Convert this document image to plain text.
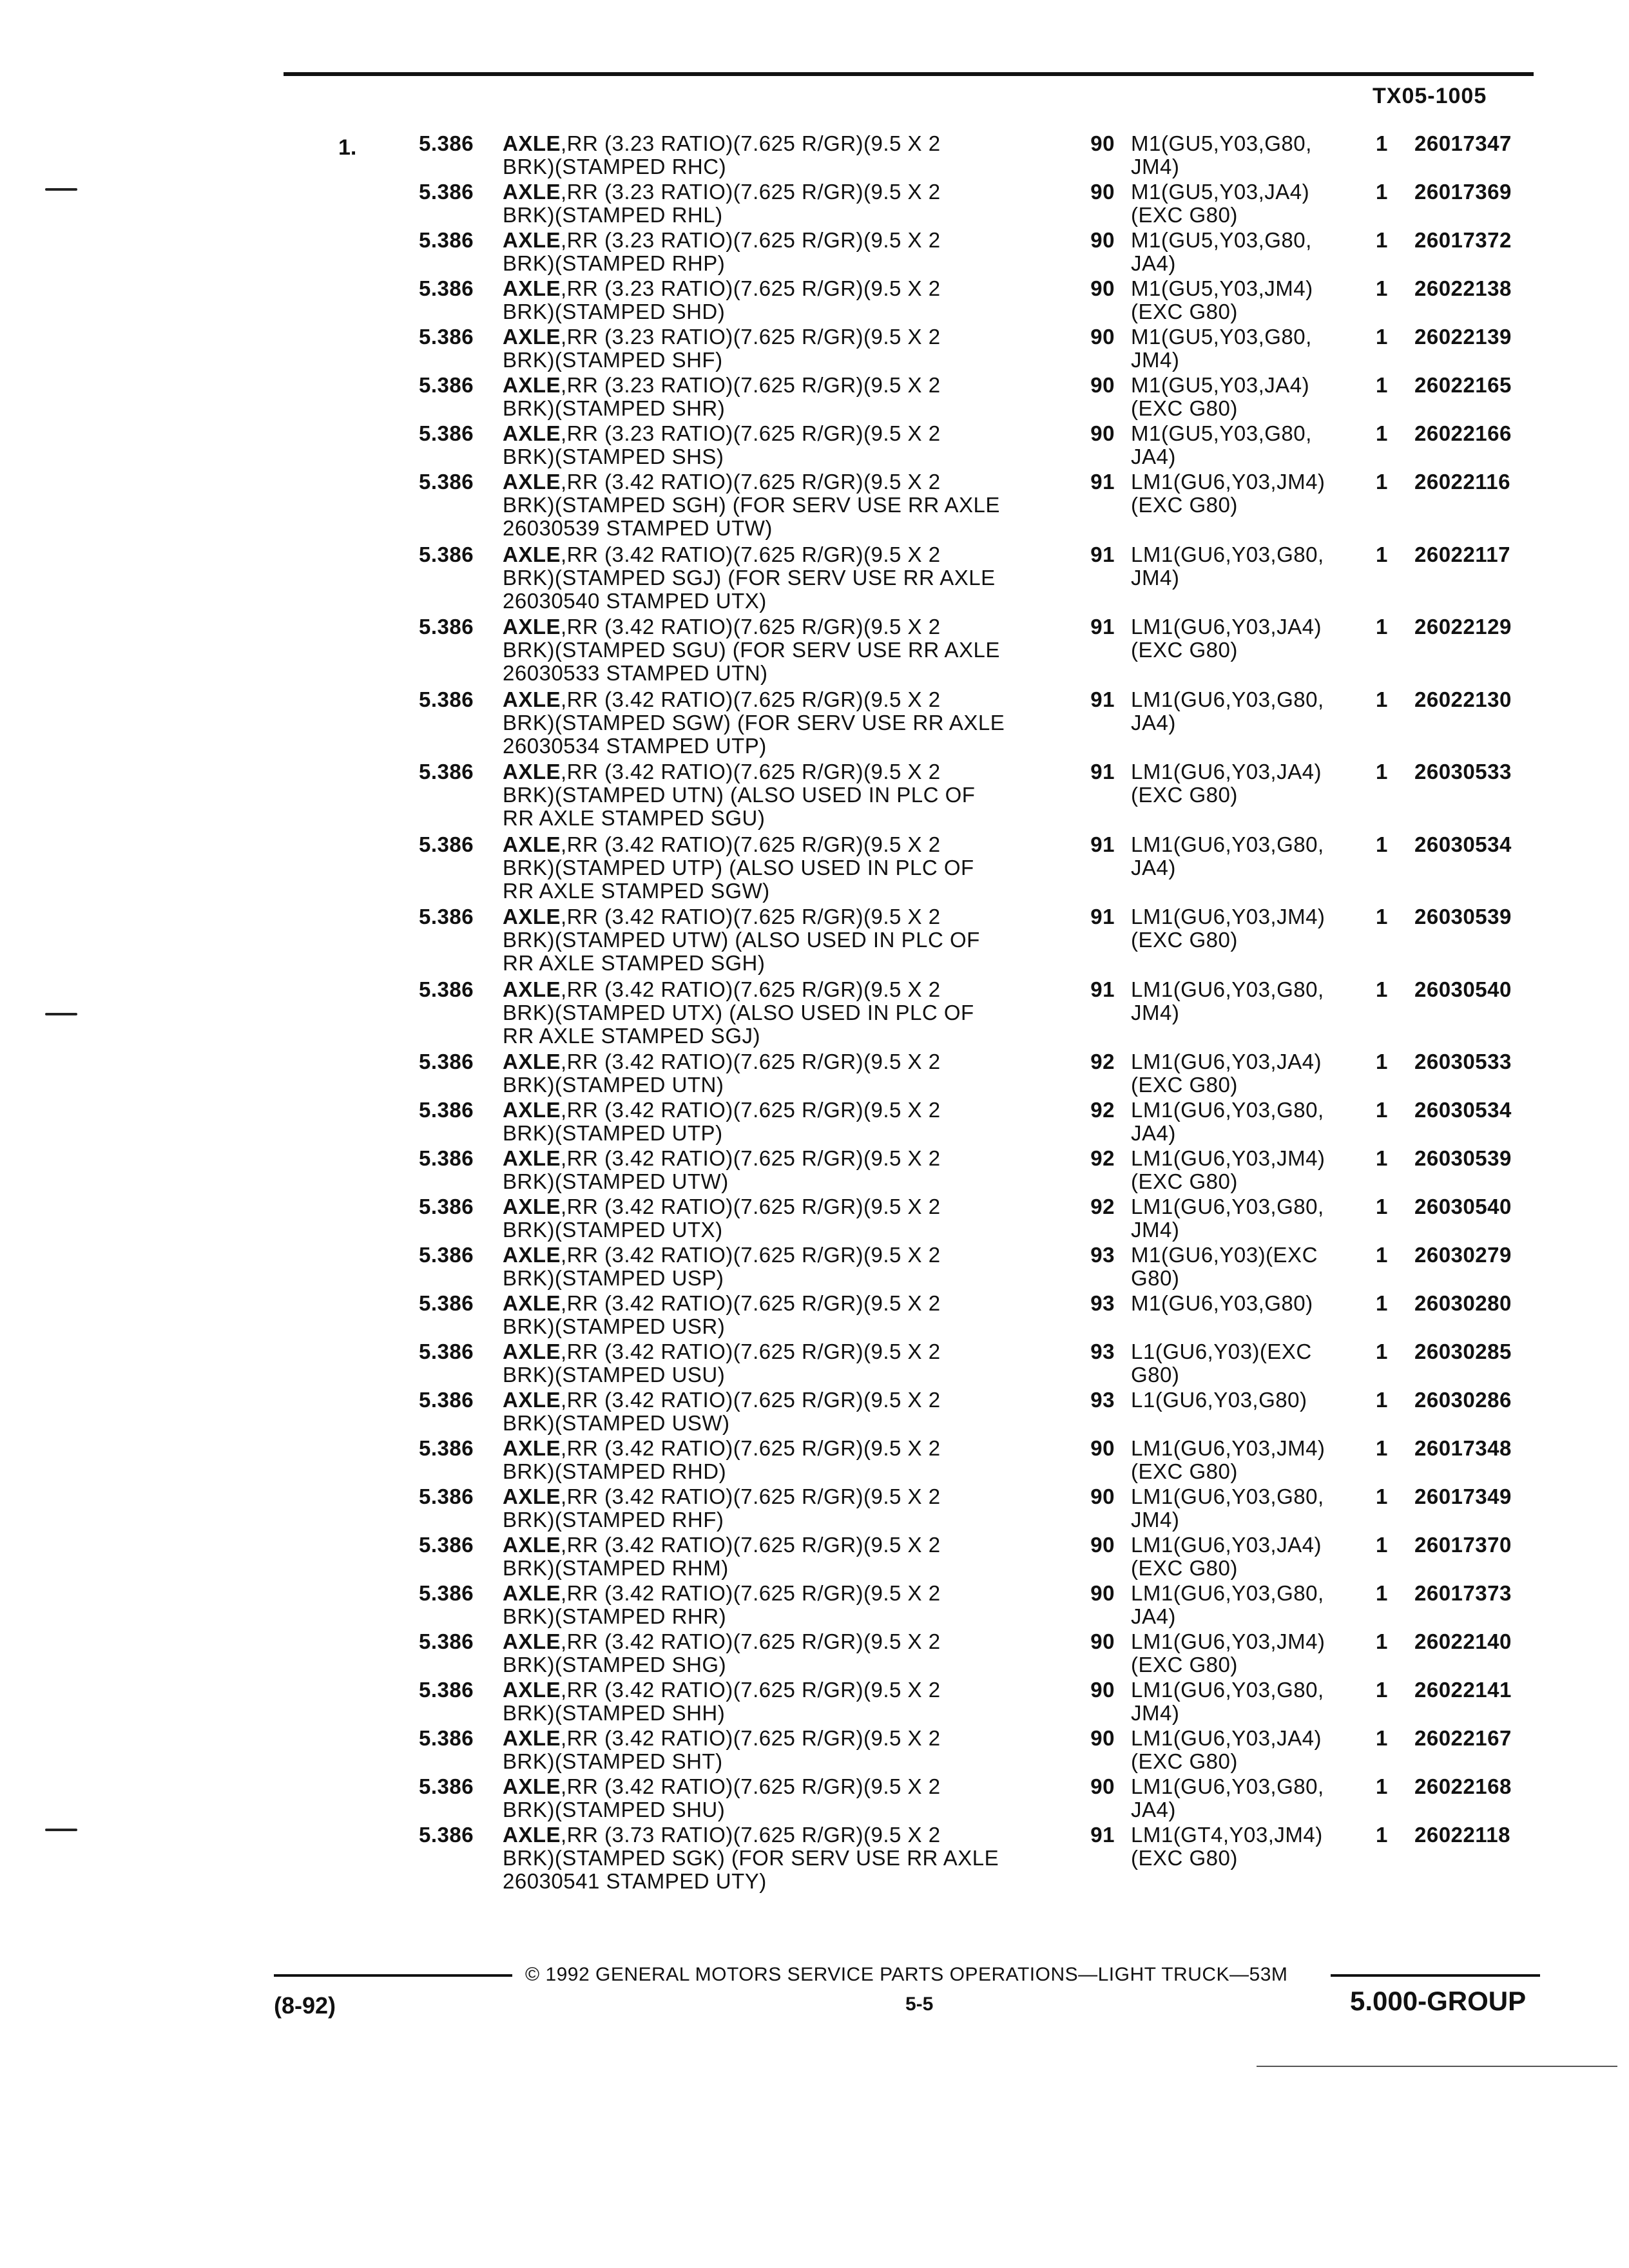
TX05-1005
1.	5.386	AXLE,RR (3.23 RATIO)(7.625 R/GR)(9.5 X 2
BRK)(STAMPED RHC)
90 M1(GU5,Y03,G80,
JM4)
1	26017347
5.386	AXLE,RR (3.23 RATIO)(7.625 R/GR)(9.5 X 2
BRK)(STAMPED RHL)
90 M1(GU5,Y03,JA4)
(EXC G80)
1	26017369
5.386	AXLE,RR (3.23 RATIO)(7.625 R/GR)(9.5 X 2
BRK)(STAMPED RHP)
90 M1(GU5,Y03,G80,
JA4)
1	26017372
5.386	AXLE,RR (3.23 RATIO)(7.625 R/GR)(9.5 X 2
BRK)(STAMPED SHD)
90 M1(GU5,Y03,JM4)
(EXC G80)
1	26022138
5.386	AXLE,RR (3.23 RATIO)(7.625 R/GR)(9.5 X 2
BRK)(STAMPED SHF)
90 M1(GU5,Y03,G80,
JM4)
1	26022139
5.386	AXLE,RR (3.23 RATIO)(7.625 R/GR)(9.5 X 2
BRK)(STAMPED SHR)
90 M1(GU5,Y03,JA4)
(EXC G80)
1	26022165
5.386	AXLE,RR (3.23 RATIO)(7.625 R/GR)(9.5 X 2
BRK)(STAMPED SHS)
90 M1(GU5,Y03,G80,
JA4)
1	26022166
5.386	AXLE,RR (3.42 RATIO)(7.625 R/GR)(9.5 X 2
BRK)(STAMPED SGH) (FOR SERV USE RR AXLE
26030539 STAMPED UTW)
91 LM1(GU6,Y03,JM4)
(EXC G80)
1	26022116
5.386	AXLE,RR (3.42 RATIO)(7.625 R/GR)(9.5 X 2
BRK)(STAMPED SGJ) (FOR SERV USE RR AXLE
26030540 STAMPED UTX)
91 LM1(GU6,Y03,G80,
JM4)
1	26022117
5.386	AXLE,RR (3.42 RATIO)(7.625 R/GR)(9.5 X 2
BRK)(STAMPED SGU) (FOR SERV USE RR AXLE
26030533 STAMPED UTN)
91 LM1(GU6,Y03,JA4)
(EXC G80)
1	26022129
5.386	AXLE,RR (3.42 RATIO)(7.625 R/GR)(9.5 X 2
BRK)(STAMPED SGW) (FOR SERV USE RR AXLE
26030534 STAMPED UTP)
91 LM1(GU6,Y03,G80,
JA4)
1	26022130
5.386	AXLE,RR (3.42 RATIO)(7.625 R/GR)(9.5 X 2
BRK)(STAMPED UTN) (ALSO USED IN PLC OF
RR AXLE STAMPED SGU)
91 LM1(GU6,Y03,JA4)
(EXC G80)
1	26030533
5.386	AXLE,RR (3.42 RATIO)(7.625 R/GR)(9.5 X 2
BRK)(STAMPED UTP) (ALSO USED IN PLC OF
RR AXLE STAMPED SGW)
91 LM1(GU6,Y03,G80,
JA4)
1	26030534
5.386	AXLE,RR (3.42 RATIO)(7.625 R/GR)(9.5 X 2
BRK)(STAMPED UTW) (ALSO USED IN PLC OF
RR AXLE STAMPED SGH)
91 LM1(GU6,Y03,JM4)
(EXC G80)
1	26030539
5.386	AXLE,RR (3.42 RATIO)(7.625 R/GR)(9.5 X 2
BRK)(STAMPED UTX) (ALSO USED IN PLC OF
RR AXLE STAMPED SGJ)
91 LM1(GU6,Y03,G80,
JM4)
1	26030540
5.386	AXLE,RR (3.42 RATIO)(7.625 R/GR)(9.5 X 2
BRK)(STAMPED UTN)
92 LM1(GU6,Y03,JA4)
(EXC G80)
1	26030533
5.386	AXLE,RR (3.42 RATIO)(7.625 R/GR)(9.5 X 2
BRK)(STAMPED UTP)
92 LM1(GU6,Y03,G80,
JA4)
1	26030534
5.386	AXLE,RR (3.42 RATIO)(7.625 R/GR)(9.5 X 2
BRK)(STAMPED UTW)
92 LM1(GU6,Y03,JM4)
(EXC G80)
1	26030539
5.386	AXLE,RR (3.42 RATIO)(7.625 R/GR)(9.5 X 2
BRK)(STAMPED UTX)
92 LM1(GU6,Y03,G80,
JM4)
1	26030540
5.386	AXLE,RR (3.42 RATIO)(7.625 R/GR)(9.5 X 2
BRK)(STAMPED USP)
93 M1(GU6,Y03)(EXC
G80)
1	26030279
5.386	AXLE,RR (3.42 RATIO)(7.625 R/GR)(9.5 X 2
BRK)(STAMPED USR)
93 M1(GU6,Y03,G80)	1	26030280
5.386	AXLE,RR (3.42 RATIO)(7.625 R/GR)(9.5 X 2
BRK)(STAMPED USU)
93 L1(GU6,Y03)(EXC
G80)
1	26030285
5.386	AXLE,RR (3.42 RATIO)(7.625 R/GR)(9.5 X 2
BRK)(STAMPED USW)
93 L1(GU6,Y03,G80)	1	26030286
5.386	AXLE,RR (3.42 RATIO)(7.625 R/GR)(9.5 X 2
BRK)(STAMPED RHD)
90 LM1(GU6,Y03,JM4)
(EXC G80)
1	26017348
5.386	AXLE,RR (3.42 RATIO)(7.625 R/GR)(9.5 X 2
BRK)(STAMPED RHF)
90 LM1(GU6,Y03,G80,
JM4)
1	26017349
5.386	AXLE,RR (3.42 RATIO)(7.625 R/GR)(9.5 X 2
BRK)(STAMPED RHM)
90 LM1(GU6,Y03,JA4)
(EXC G80)
1	26017370
5.386	AXLE,RR (3.42 RATIO)(7.625 R/GR)(9.5 X 2
BRK)(STAMPED RHR)
90 LM1(GU6,Y03,G80,
JA4)
1	26017373
5.386	AXLE,RR (3.42 RATIO)(7.625 R/GR)(9.5 X 2
BRK)(STAMPED SHG)
90 LM1(GU6,Y03,JM4)
(EXC G80)
1	26022140
5.386	AXLE,RR (3.42 RATIO)(7.625 R/GR)(9.5 X 2
BRK)(STAMPED SHH)
90 LM1(GU6,Y03,G80,
JM4)
1	26022141
5.386	AXLE,RR (3.42 RATIO)(7.625 R/GR)(9.5 X 2
BRK)(STAMPED SHT)
90 LM1(GU6,Y03,JA4)
(EXC G80)
1	26022167
5.386	AXLE,RR (3.42 RATIO)(7.625 R/GR)(9.5 X 2
BRK)(STAMPED SHU)
90 LM1(GU6,Y03,G80,
JA4)
1	26022168
5.386	AXLE,RR (3.73 RATIO)(7.625 R/GR)(9.5 X 2
BRK)(STAMPED SGK) (FOR SERV USE RR AXLE
26030541 STAMPED UTY)
91 LM1(GT4,Y03,JM4)
(EXC G80)
1	26022118
© 1992 GENERAL MOTORS SERVICE PARTS OPERATIONS—LIGHT TRUCK—53M
(8-92)	5-5	5.000-GROUP
